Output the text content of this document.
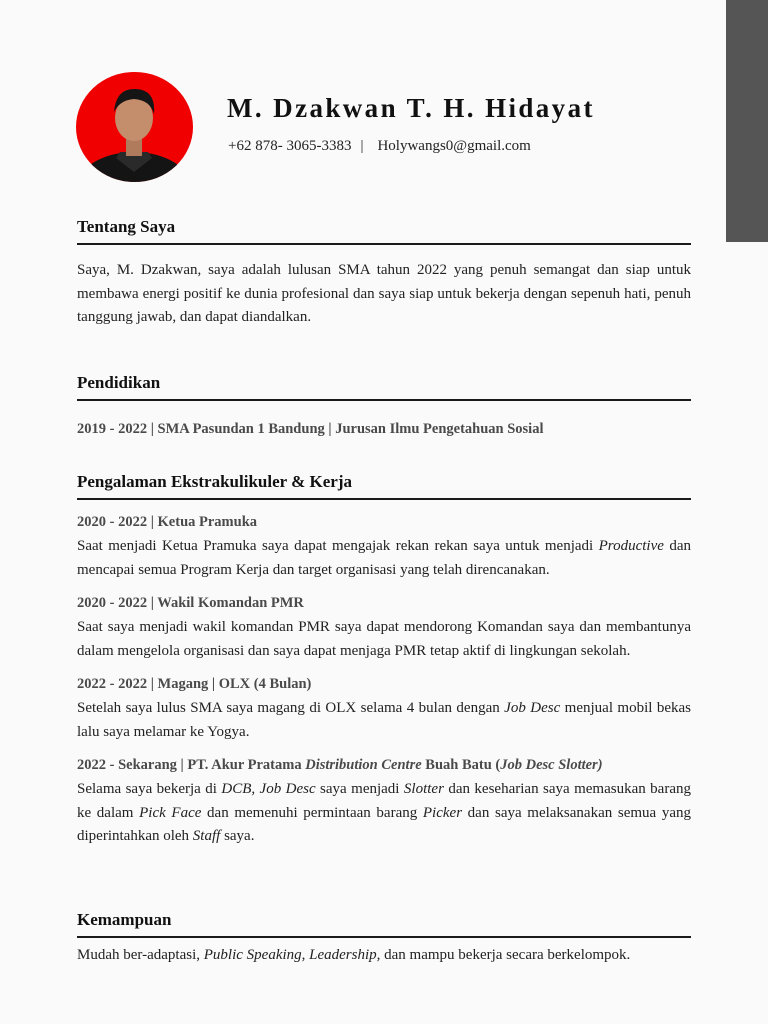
M. Dzakwan T. H. Hidayat
+62 878- 3065-3383 | Holywangs0@gmail.com
Tentang Saya
Saya, M. Dzakwan, saya adalah lulusan SMA tahun 2022 yang penuh semangat dan siap untuk membawa energi positif ke dunia profesional dan saya siap untuk bekerja dengan sepenuh hati, penuh tanggung jawab, dan dapat diandalkan.
Pendidikan
2019 - 2022 | SMA Pasundan 1 Bandung | Jurusan Ilmu Pengetahuan Sosial
Pengalaman Ekstrakulikuler & Kerja
2020 - 2022 | Ketua Pramuka
Saat menjadi Ketua Pramuka saya dapat mengajak rekan rekan saya untuk menjadi Productive dan mencapai semua Program Kerja dan target organisasi yang telah direncanakan.
2020 - 2022 | Wakil Komandan PMR
Saat saya menjadi wakil komandan PMR saya dapat mendorong Komandan saya dan membantunya dalam mengelola organisasi dan saya dapat menjaga PMR tetap aktif di lingkungan sekolah.
2022 - 2022 | Magang | OLX (4 Bulan)
Setelah saya lulus SMA saya magang di OLX selama 4 bulan dengan Job Desc menjual mobil bekas lalu saya melamar ke Yogya.
2022 - Sekarang | PT. Akur Pratama Distribution Centre Buah Batu (Job Desc Slotter)
Selama saya bekerja di DCB, Job Desc saya menjadi Slotter dan keseharian saya memasukan barang ke dalam Pick Face dan memenuhi permintaan barang Picker dan saya melaksanakan semua yang diperintahkan oleh Staff saya.
Kemampuan
Mudah ber-adaptasi, Public Speaking, Leadership, dan mampu bekerja secara berkelompok.
